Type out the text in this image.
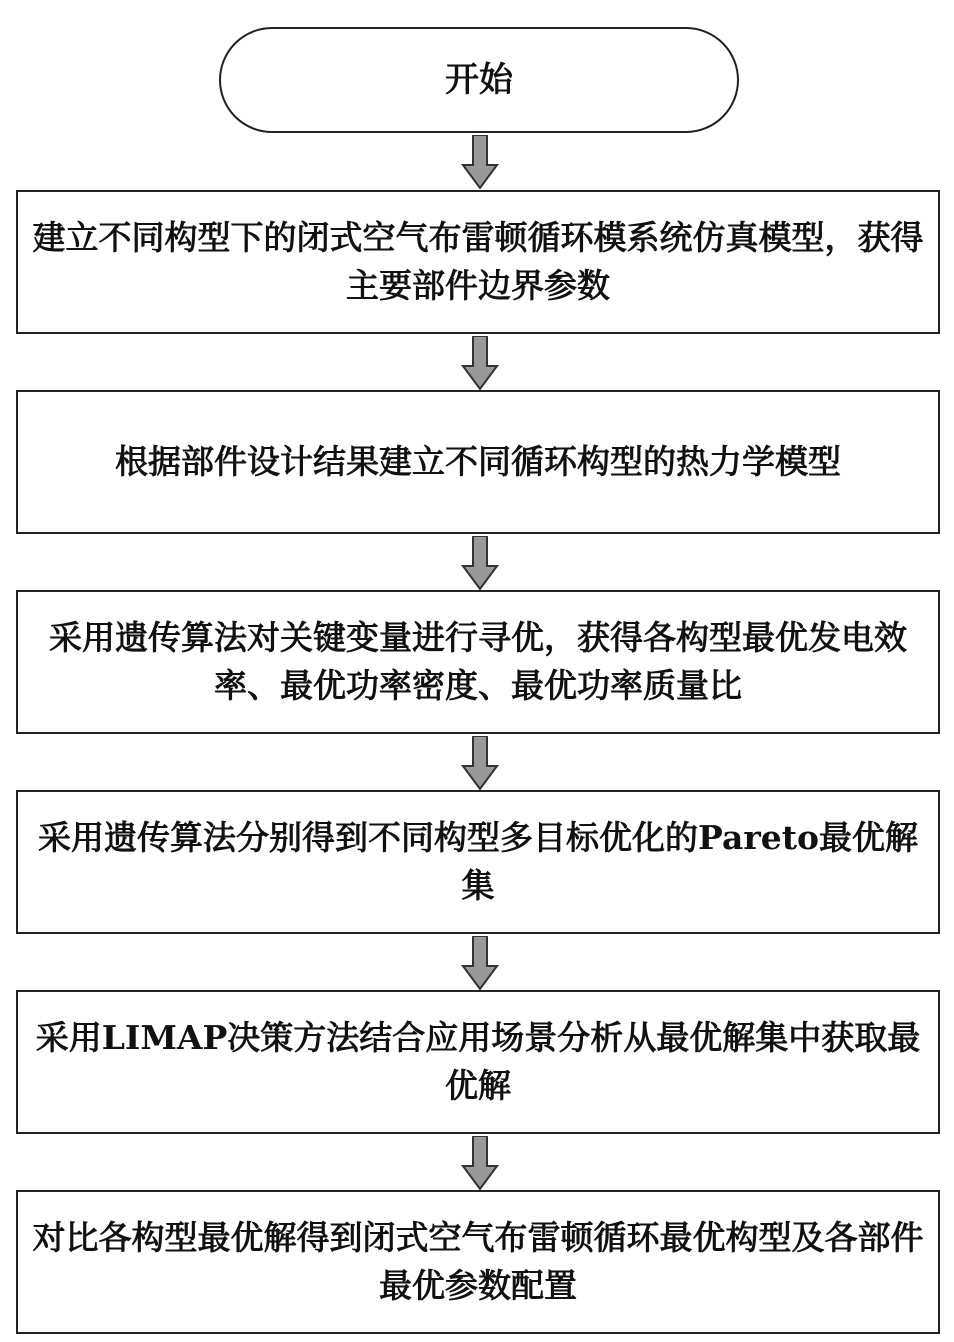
开始
建立不同构型下的闭式空气布雷顿循环模系统仿真模型，获得主要部件边界参数
根据部件设计结果建立不同循环构型的热力学模型
采用遗传算法对关键变量进行寻优，获得各构型最优发电效率、最优功率密度、最优功率质量比
采用遗传算法分别得到不同构型多目标优化的Pareto最优解集
采用LIMAP决策方法结合应用场景分析从最优解集中获取最优解
对比各构型最优解得到闭式空气布雷顿循环最优构型及各部件最优参数配置
